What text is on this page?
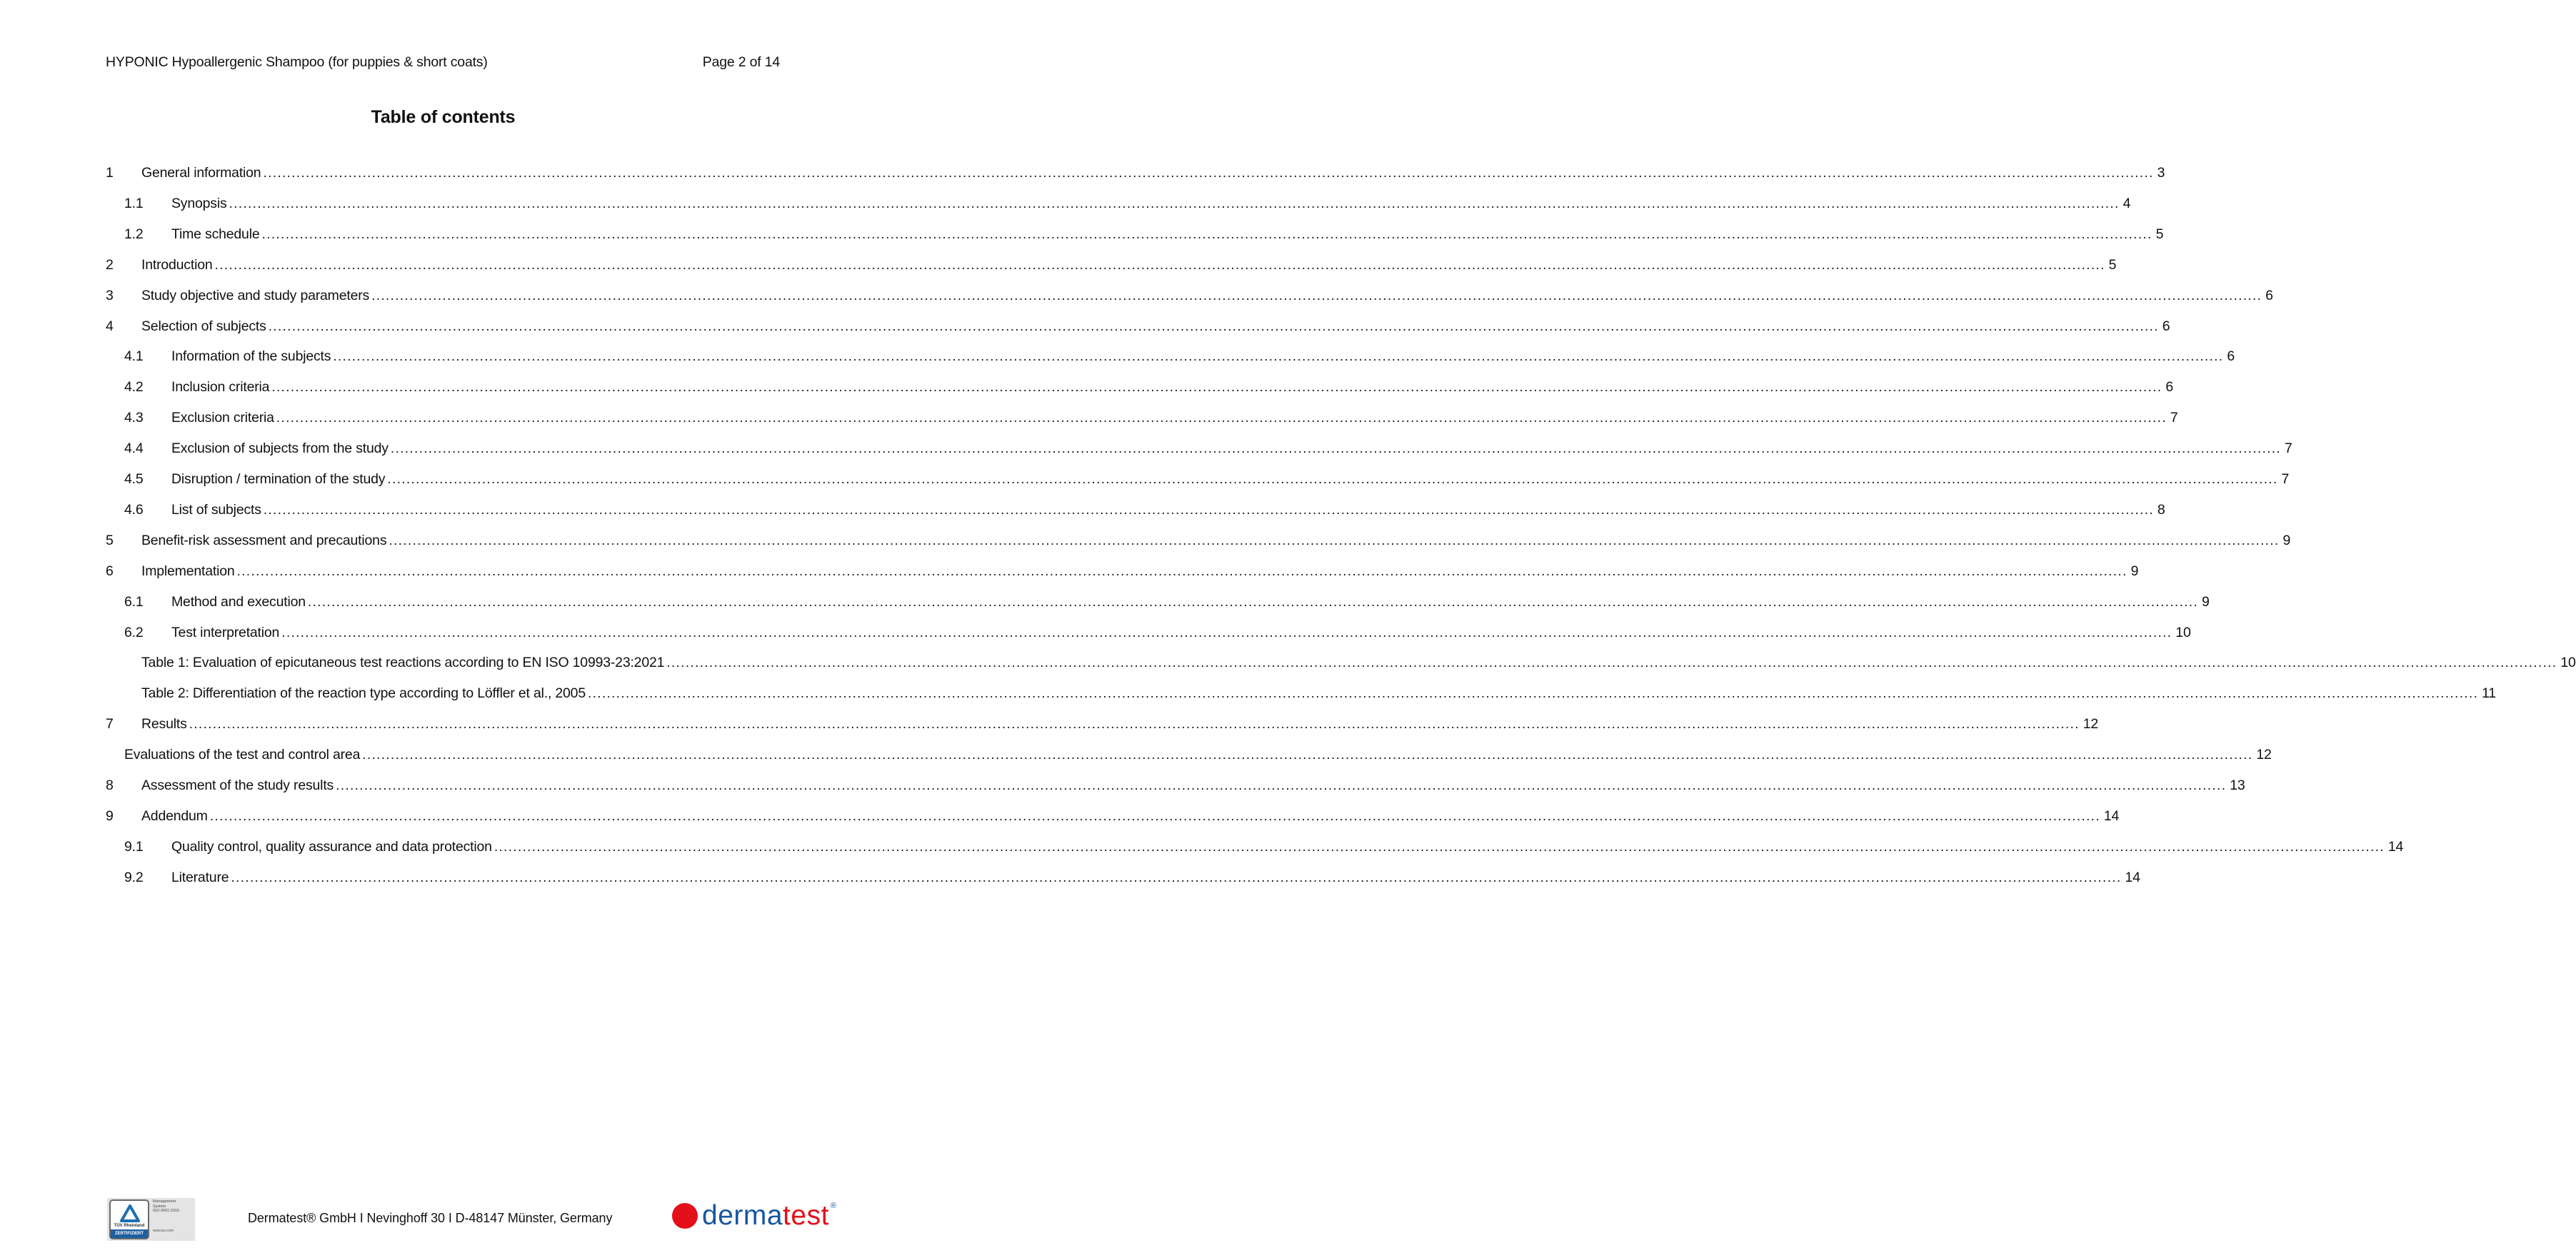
HYPONIC Hypoallergenic Shampoo (for puppies & short coats)	Page 2 of 14
Table of contents
1 General information ................................................................................................................................................................................................................................................................................................................................................................................................................ 3
1.1 Synopsis ................................................................................................................................................................................................................................................................................................................................................................................................................ 4
1.2 Time schedule ................................................................................................................................................................................................................................................................................................................................................................................................................ 5
2 Introduction ................................................................................................................................................................................................................................................................................................................................................................................................................ 5
3 Study objective and study parameters ................................................................................................................................................................................................................................................................................................................................................................................................................ 6
4 Selection of subjects ................................................................................................................................................................................................................................................................................................................................................................................................................ 6
4.1 Information of the subjects ................................................................................................................................................................................................................................................................................................................................................................................................................ 6
4.2 Inclusion criteria ................................................................................................................................................................................................................................................................................................................................................................................................................ 6
4.3 Exclusion criteria ................................................................................................................................................................................................................................................................................................................................................................................................................ 7
4.4 Exclusion of subjects from the study ................................................................................................................................................................................................................................................................................................................................................................................................................ 7
4.5 Disruption / termination of the study ................................................................................................................................................................................................................................................................................................................................................................................................................ 7
4.6 List of subjects ................................................................................................................................................................................................................................................................................................................................................................................................................ 8
5 Benefit-risk assessment and precautions ................................................................................................................................................................................................................................................................................................................................................................................................................ 9
6 Implementation ................................................................................................................................................................................................................................................................................................................................................................................................................ 9
6.1 Method and execution ................................................................................................................................................................................................................................................................................................................................................................................................................ 9
6.2 Test interpretation ................................................................................................................................................................................................................................................................................................................................................................................................................ 10
Table 1: Evaluation of epicutaneous test reactions according to EN ISO 10993-23:2021 ................................................................................................................................................................................................................................................................................................................................................................................................................ 10
Table 2: Differentiation of the reaction type according to Löffler et al., 2005 ................................................................................................................................................................................................................................................................................................................................................................................................................ 11
7 Results ................................................................................................................................................................................................................................................................................................................................................................................................................ 12
Evaluations of the test and control area ................................................................................................................................................................................................................................................................................................................................................................................................................ 12
8 Assessment of the study results ................................................................................................................................................................................................................................................................................................................................................................................................................ 13
9 Addendum ................................................................................................................................................................................................................................................................................................................................................................................................................ 14
9.1 Quality control, quality assurance and data protection ................................................................................................................................................................................................................................................................................................................................................................................................................ 14
9.2 Literature ................................................................................................................................................................................................................................................................................................................................................................................................................ 14
TÜV Rheinland
ZERTIFIZIERT
Management
System
ISO 9001:2015
www.tuv.com
Dermatest® GmbH I Nevinghoff 30 I D-48147 Münster, Germany	derma test ®
